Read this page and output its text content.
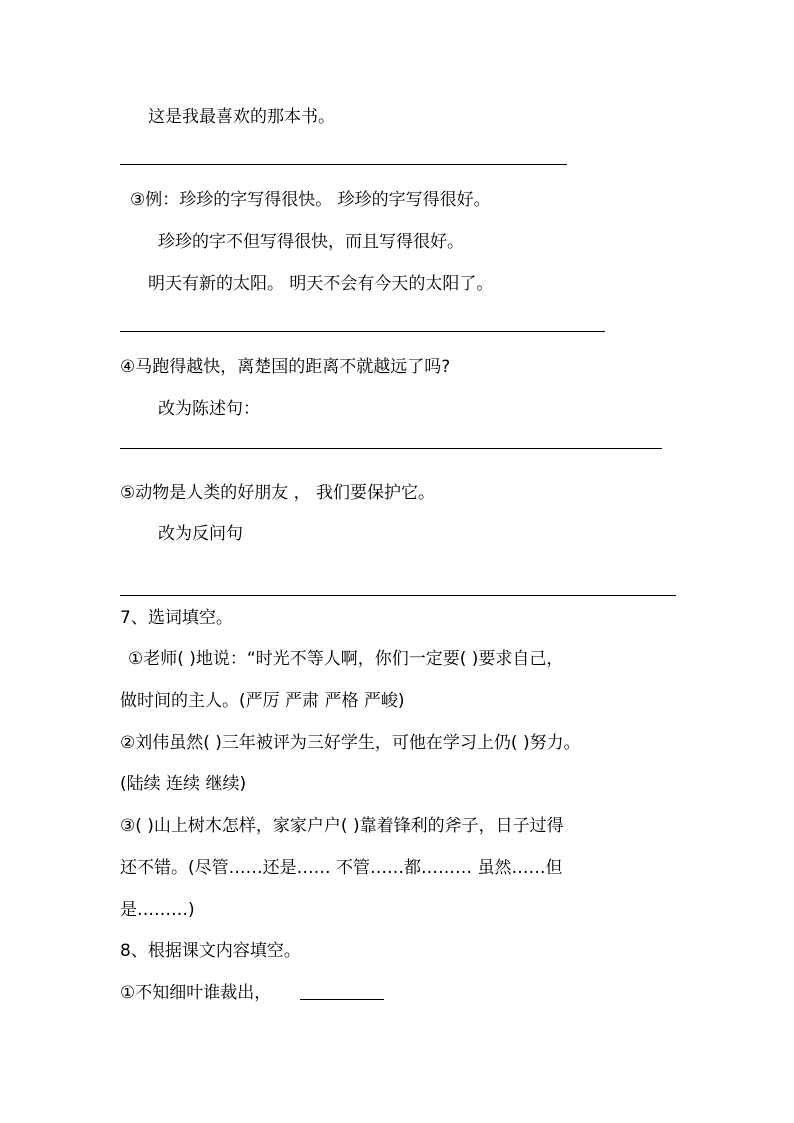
这是我最喜欢的那本书。
③例：珍珍的字写得很快。 珍珍的字写得很好。
珍珍的字不但写得很快，而且写得很好。
明天有新的太阳。 明天不会有今天的太阳了。
④马跑得越快，离楚国的距离不就越远了吗?
改为陈述句：
⑤动物是人类的好朋友 ， 我们要保护它。
改为反问句
7、选词填空。
①老师( )地说：“时光不等人啊，你们一定要( )要求自己，
做时间的主人。(严厉 严肃 严格 严峻)
②刘伟虽然( )三年被评为三好学生，可他在学习上仍( )努力。
(陆续 连续 继续)
③( )山上树木怎样，家家户户( )靠着锋利的斧子，日子过得
还不错。(尽管……还是…… 不管……都……… 虽然……但
是………)
8、根据课文内容填空。
①不知细叶谁裁出，
